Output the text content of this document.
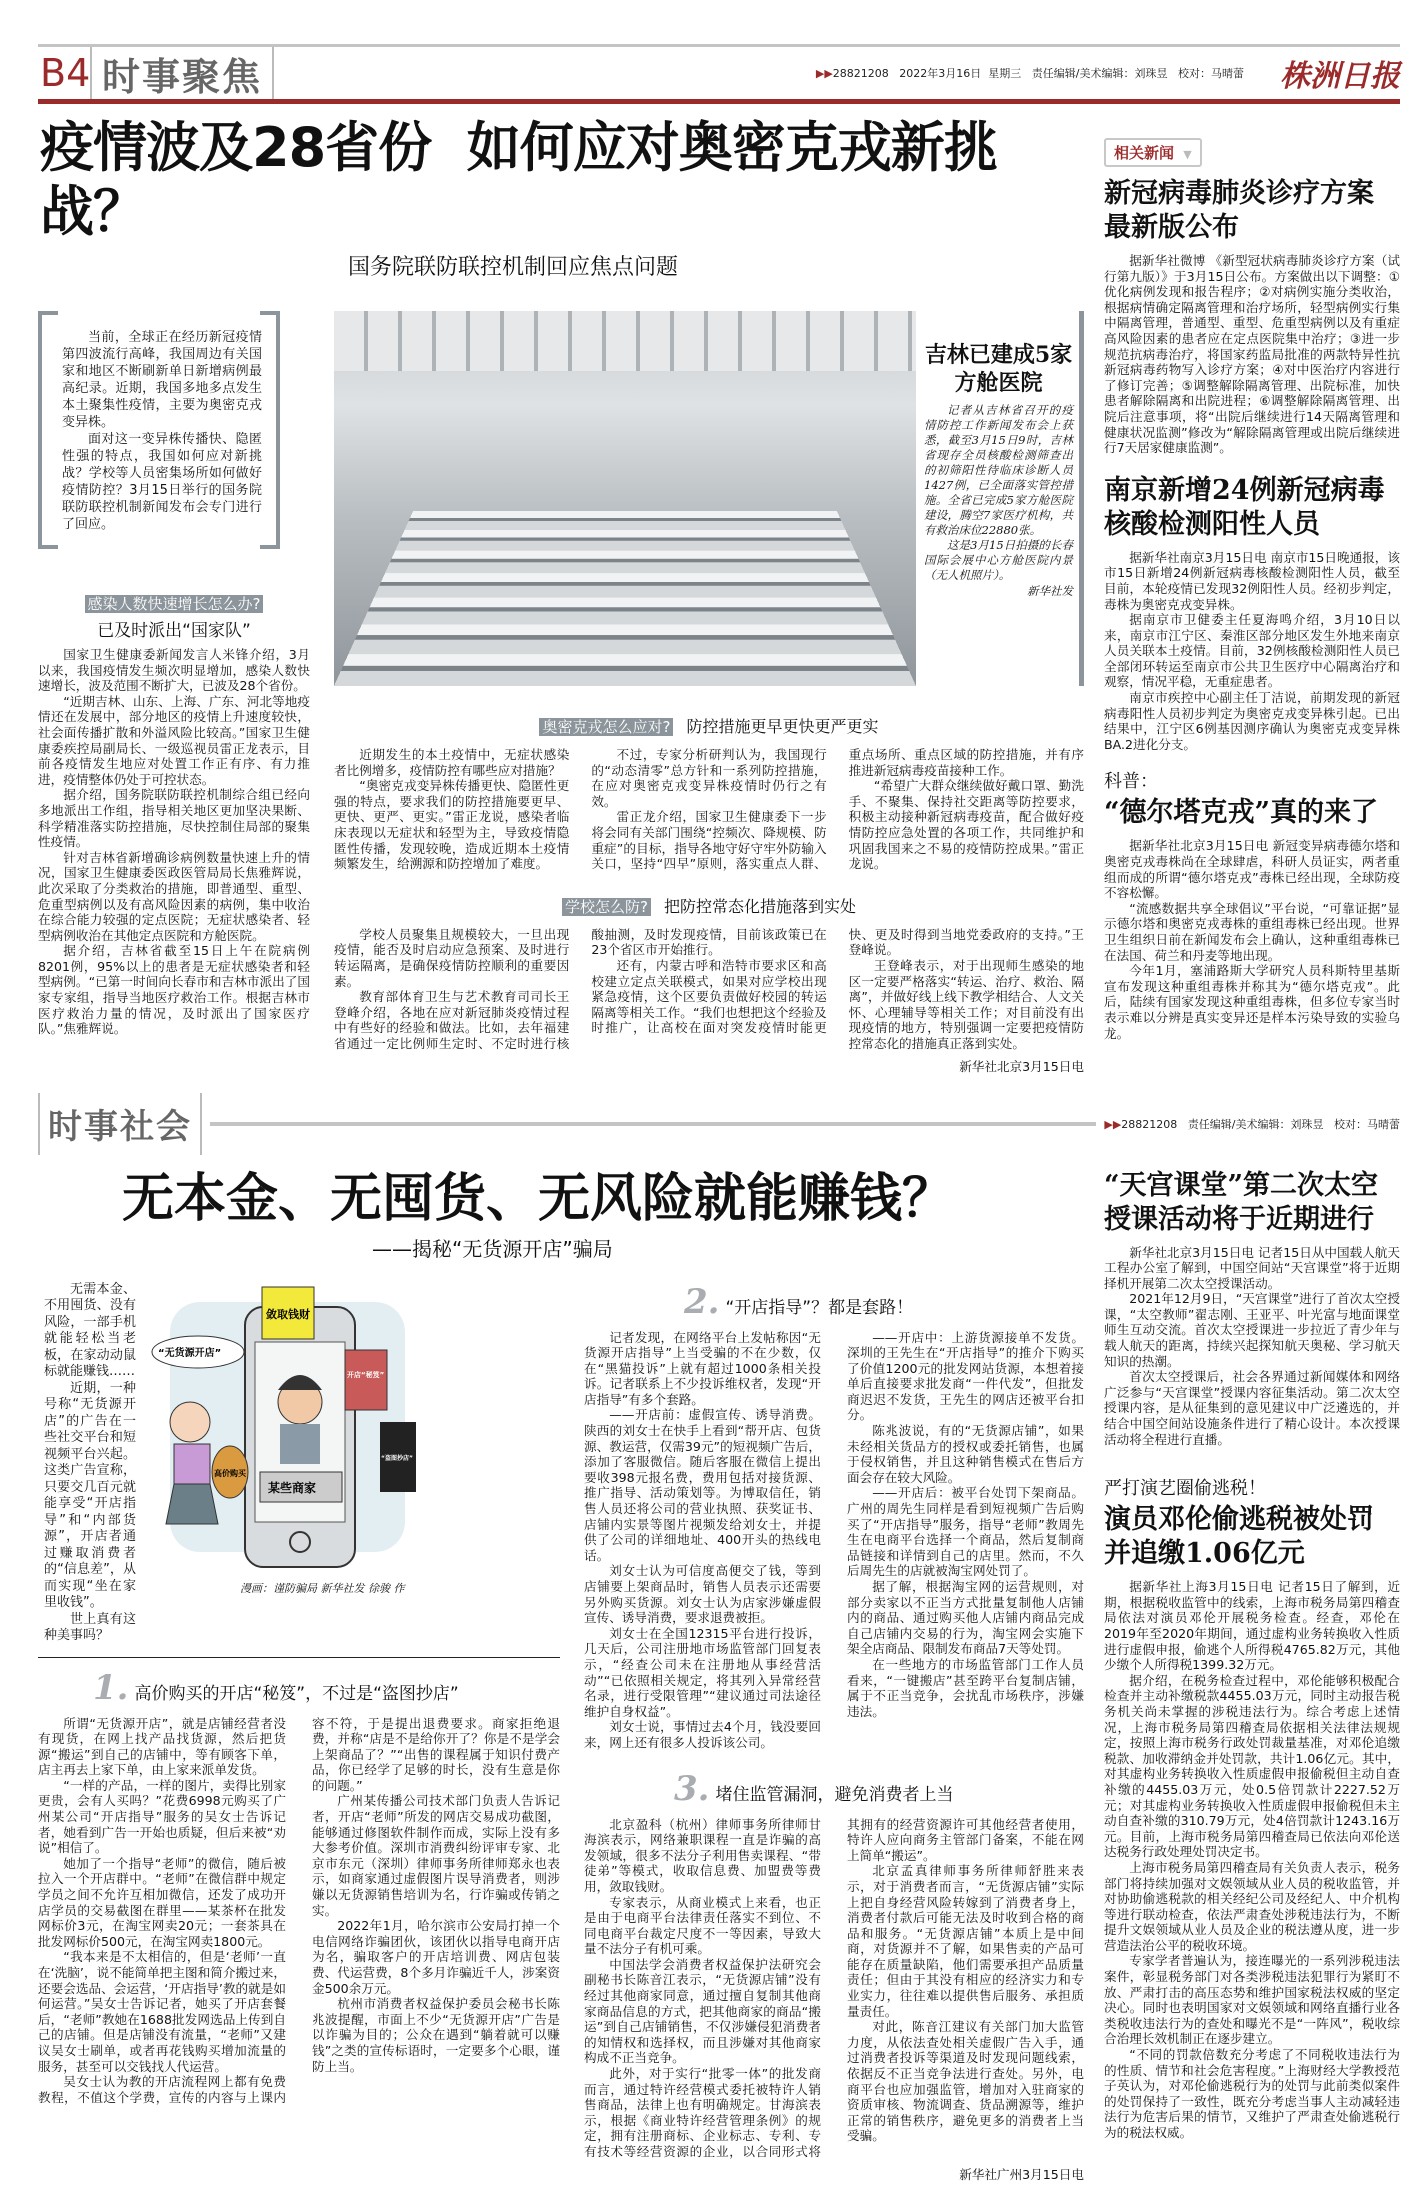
B4 时事聚焦	▶▶28821208 2022年3月16日 星期三 责任编辑/美术编辑：刘珠昱 校对：马晴蕾 株洲日报
疫情波及28省份  如何应对奥密克戎新挑战？
国务院联防联控机制回应焦点问题

当前，全球正在经历新冠疫情第四波流行高峰，我国周边有关国家和地区不断刷新单日新增病例最高纪录。近期，我国多地多点发生本土聚集性疫情，主要为奥密克戎变异株。

面对这一变异株传播快、隐匿性强的特点，我国如何应对新挑战？学校等人员密集场所如何做好疫情防控？3月15日举行的国务院联防联控机制新闻发布会专门进行了回应。

感染人数快速增长怎么办?
已及时派出“国家队”

国家卫生健康委新闻发言人米锋介绍，3月以来，我国疫情发生频次明显增加，感染人数快速增长，波及范围不断扩大，已波及28个省份。

“近期吉林、山东、上海、广东、河北等地疫情还在发展中，部分地区的疫情上升速度较快，社会面传播扩散和外溢风险比较高。”国家卫生健康委疾控局副局长、一级巡视员雷正龙表示，目前各疫情发生地应对处置工作正有序、有力推进，疫情整体仍处于可控状态。

据介绍，国务院联防联控机制综合组已经向多地派出工作组，指导相关地区更加坚决果断、科学精准落实防控措施，尽快控制住局部的聚集性疫情。

针对吉林省新增确诊病例数量快速上升的情况，国家卫生健康委医政医管局局长焦雅辉说，此次采取了分类救治的措施，即普通型、重型、危重型病例以及有高风险因素的病例，集中收治在综合能力较强的定点医院；无症状感染者、轻型病例收治在其他定点医院和方舱医院。

据介绍，吉林省截至15日上午在院病例8201例，95%以上的患者是无症状感染者和轻型病例。“已第一时间向长春市和吉林市派出了国家专家组，指导当地医疗救治工作。根据吉林市医疗救治力量的情况，及时派出了国家医疗队。”焦雅辉说。

吉林已建成5家方舱医院

记者从吉林省召开的疫情防控工作新闻发布会上获悉，截至3月15日9时，吉林省现存全员核酸检测筛查出的初筛阳性待临床诊断人员1427例，已全面落实管控措施。全省已完成5家方舱医院建设，腾空7家医疗机构，共有救治床位22880张。

这是3月15日拍摄的长春国际会展中心方舱医院内景（无人机照片）。

新华社发
奥密克戎怎么应对? 防控措施更早更快更严更实

近期发生的本土疫情中，无症状感染者比例增多，疫情防控有哪些应对措施？

“奥密克戎变异株传播更快、隐匿性更强的特点，要求我们的防控措施要更早、更快、更严、更实。”雷正龙说，感染者临床表现以无症状和轻型为主，导致疫情隐匿性传播，发现较晚，造成近期本土疫情频繁发生，给溯源和防控增加了难度。

不过，专家分析研判认为，我国现行的“动态清零”总方针和一系列防控措施，在应对奥密克戎变异株疫情时仍行之有效。

雷正龙介绍，国家卫生健康委下一步将会同有关部门围绕“控频次、降规模、防重症”的目标，指导各地守好守牢外防输入关口，坚持“四早”原则，落实重点人群、重点场所、重点区域的防控措施，并有序推进新冠病毒疫苗接种工作。

“希望广大群众继续做好戴口罩、勤洗手、不聚集、保持社交距离等防控要求，积极主动接种新冠病毒疫苗，配合做好疫情防控应急处置的各项工作，共同维护和巩固我国来之不易的疫情防控成果。”雷正龙说。

学校怎么防? 把防控常态化措施落到实处

学校人员聚集且规模较大，一旦出现疫情，能否及时启动应急预案、及时进行转运隔离，是确保疫情防控顺利的重要因素。

教育部体育卫生与艺术教育司司长王登峰介绍，各地在应对新冠肺炎疫情过程中有些好的经验和做法。比如，去年福建省通过一定比例师生定时、不定时进行核酸抽测，及时发现疫情，目前该政策已在23个省区市开始推行。

还有，内蒙古呼和浩特市要求区和高校建立定点关联模式，如果对应学校出现紧急疫情，这个区要负责做好校园的转运隔离等相关工作。“我们也想把这个经验及时推广，让高校在面对突发疫情时能更快、更及时得到当地党委政府的支持。”王登峰说。

王登峰表示，对于出现师生感染的地区一定要严格落实“转运、治疗、救治、隔离”，并做好线上线下教学相结合、人文关怀、心理辅导等相关工作；对目前没有出现疫情的地方，特别强调一定要把疫情防控常态化的措施真正落到实处。

新华社北京3月15日电
相关新闻 ▼
新冠病毒肺炎诊疗方案最新版公布

据新华社微博 《新型冠状病毒肺炎诊疗方案（试行第九版）》于3月15日公布。方案做出以下调整：①优化病例发现和报告程序；②对病例实施分类收治，根据病情确定隔离管理和治疗场所，轻型病例实行集中隔离管理，普通型、重型、危重型病例以及有重症高风险因素的患者应在定点医院集中治疗；③进一步规范抗病毒治疗，将国家药监局批准的两款特异性抗新冠病毒药物写入诊疗方案；④对中医治疗内容进行了修订完善；⑤调整解除隔离管理、出院标准，加快患者解除隔离和出院进程；⑥调整解除隔离管理、出院后注意事项，将“出院后继续进行14天隔离管理和健康状况监测”修改为“解除隔离管理或出院后继续进行7天居家健康监测”。

南京新增24例新冠病毒核酸检测阳性人员

据新华社南京3月15日电 南京市15日晚通报，该市15日新增24例新冠病毒核酸检测阳性人员，截至目前，本轮疫情已发现32例阳性人员。经初步判定，毒株为奥密克戎变异株。

据南京市卫健委主任夏海鸣介绍，3月10日以来，南京市江宁区、秦淮区部分地区发生外地来南京人员关联本土疫情。目前，32例核酸检测阳性人员已全部闭环转运至南京市公共卫生医疗中心隔离治疗和观察，情况平稳，无重症患者。

南京市疾控中心副主任丁洁说，前期发现的新冠病毒阳性人员初步判定为奥密克戎变异株引起。已出结果中，江宁区6例基因测序确认为奥密克戎变异株BA.2进化分支。

科普：
“德尔塔克戎”真的来了

据新华社北京3月15日电 新冠变异病毒德尔塔和奥密克戎毒株尚在全球肆虐，科研人员证实，两者重组而成的所谓“德尔塔克戎”毒株已经出现，全球防疫不容松懈。

“流感数据共享全球倡议”平台说，“可靠证据”显示德尔塔和奥密克戎毒株的重组毒株已经出现。世界卫生组织日前在新闻发布会上确认，这种重组毒株已在法国、荷兰和丹麦等地出现。

今年1月，塞浦路斯大学研究人员科斯特里基斯宣布发现这种重组毒株并称其为“德尔塔克戎”。此后，陆续有国家发现这种重组毒株，但多位专家当时表示难以分辨是真实变异还是样本污染导致的实验乌龙。

时事社会	▶▶28821208 责任编辑/美术编辑：刘珠昱 校对：马晴蕾
无本金、无囤货、无风险就能赚钱？
——揭秘“无货源开店”骗局

无需本金、不用囤货、没有风险，一部手机就能轻松当老板，在家动动鼠标就能赚钱……

近期，一种号称“无货源开店”的广告在一些社交平台和短视频平台兴起。这类广告宣称，只要交几百元就能享受“开店指导”和“内部货源”，开店者通过赚取消费者的“信息差”，从而实现“坐在家里收钱”。

世上真有这种美事吗？

敛取钱财
“无货源开店”
开店“秘笈”
“盗图抄店”
高价购买
某些商家
漫画：谨防骗局 新华社发 徐骏 作
1. 高价购买的开店“秘笈”，不过是“盗图抄店”

所谓“无货源开店”，就是店铺经营者没有现货，在网上找产品找货源，然后把货源“搬运”到自己的店铺中，等有顾客下单，店主再去上家下单，由上家来派单发货。

“一样的产品，一样的图片，卖得比别家更贵，会有人买吗？”花费6998元购买了广州某公司“开店指导”服务的吴女士告诉记者，她看到广告一开始也质疑，但后来被“劝说”相信了。

她加了一个指导“老师”的微信，随后被拉入一个开店群中。“老师”在微信群中规定学员之间不允许互相加微信，还发了成功开店学员的交易截图在群里——某茶杯在批发网标价3元，在淘宝网卖20元；一套茶具在批发网标价500元，在淘宝网卖1800元。

“我本来是不太相信的，但是‘老师’一直在‘洗脑’，说不能简单把主图和简介搬过来，还要会选品、会运营，‘开店指导’教的就是如何运营。”吴女士告诉记者，她买了开店套餐后，“老师”教她在1688批发网选品上传到自己的店铺。但是店铺没有流量，“老师”又建议吴女士刷单，或者再花钱购买增加流量的服务，甚至可以交钱找人代运营。

吴女士认为教的开店流程网上都有免费教程，不值这个学费，宣传的内容与上课内容不符，于是提出退费要求。商家拒绝退费，并称“店是不是给你开了？你是不是学会上架商品了？”“出售的课程属于知识付费产品，你已经学了足够的时长，没有生意是你的问题。”

广州某传播公司技术部门负责人告诉记者，开店“老师”所发的网店交易成功截图，能够通过修图软件制作而成，实际上没有多大参考价值。深圳市消费纠纷评审专家、北京市东元（深圳）律师事务所律师郑永也表示，如商家通过虚假图片误导消费者，则涉嫌以无货源销售培训为名，行诈骗或传销之实。

2022年1月，哈尔滨市公安局打掉一个电信网络诈骗团伙，该团伙以指导电商开店为名，骗取客户的开店培训费、网店包装费、代运营费，8个多月诈骗近千人，涉案资金500余万元。

杭州市消费者权益保护委员会秘书长陈兆波提醒，市面上不少“无货源开店”广告是以诈骗为目的；公众在遇到“躺着就可以赚钱”之类的宣传标语时，一定要多个心眼，谨防上当。

2. “开店指导”？都是套路！

记者发现，在网络平台上发帖称因“无货源开店指导”上当受骗的不在少数，仅在“黑猫投诉”上就有超过1000条相关投诉。记者联系上不少投诉维权者，发现“开店指导”有多个套路。

——开店前：虚假宣传、诱导消费。陕西的刘女士在快手上看到“帮开店、包货源、教运营，仅需39元”的短视频广告后，添加了客服微信。随后客服在微信上提出要收398元报名费，费用包括对接货源、推广指导、活动策划等。为博取信任，销售人员还将公司的营业执照、获奖证书、店铺内实景等图片视频发给刘女士，并提供了公司的详细地址、400开头的热线电话。

刘女士认为可信度高便交了钱，等到店铺要上架商品时，销售人员表示还需要另外购买货源。刘女士认为店家涉嫌虚假宣传、诱导消费，要求退费被拒。

刘女士在全国12315平台进行投诉，几天后，公司注册地市场监管部门回复表示，“经查公司未在注册地从事经营活动”“已依照相关规定，将其列入异常经营名录，进行受限管理”“建议通过司法途径维护自身权益”。

刘女士说，事情过去4个月，钱没要回来，网上还有很多人投诉该公司。

——开店中：上游货源接单不发货。深圳的王先生在“开店指导”的推介下购买了价值1200元的批发网站货源，本想着接单后直接要求批发商“一件代发”，但批发商迟迟不发货，王先生的网店还被平台扣分。

陈兆波说，有的“无货源店铺”，如果未经相关货品方的授权或委托销售，也属于侵权销售，并且这种销售模式在售后方面会存在较大风险。

——开店后：被平台处罚下架商品。广州的周先生同样是看到短视频广告后购买了“开店指导”服务，指导“老师”教周先生在电商平台选择一个商品，然后复制商品链接和详情到自己的店里。然而，不久后周先生的店就被淘宝网处罚了。

据了解，根据淘宝网的运营规则，对部分卖家以不正当方式批量复制他人店铺内的商品、通过购买他人店铺内商品完成自己店铺内交易的行为，淘宝网会实施下架全店商品、限制发布商品7天等处罚。

在一些地方的市场监管部门工作人员看来，“一键搬店”甚至跨平台复制店铺，属于不正当竞争，会扰乱市场秩序，涉嫌违法。

3. 堵住监管漏洞，避免消费者上当

北京盈科（杭州）律师事务所律师甘海滨表示，网络兼职课程一直是诈骗的高发领域，很多不法分子利用售卖课程、“带徒弟”等模式，收取信息费、加盟费等费用，敛取钱财。

专家表示，从商业模式上来看，也正是由于电商平台法律责任落实不到位、不同电商平台裁定尺度不一等因素，导致大量不法分子有机可乘。

中国法学会消费者权益保护法研究会副秘书长陈音江表示，“无货源店铺”没有经过其他商家同意，通过擅自复制其他商家商品信息的方式，把其他商家的商品“搬运”到自己店铺销售，不仅涉嫌侵犯消费者的知情权和选择权，而且涉嫌对其他商家构成不正当竞争。

此外，对于实行“批零一体”的批发商而言，通过特许经营模式委托被特许人销售商品，法律上也有明确规定。甘海滨表示，根据《商业特许经营管理条例》的规定，拥有注册商标、企业标志、专利、专有技术等经营资源的企业，以合同形式将其拥有的经营资源许可其他经营者使用，特许人应向商务主管部门备案，不能在网上简单“搬运”。

北京孟真律师事务所律师舒胜来表示，对于消费者而言，“无货源店铺”实际上把自身经营风险转嫁到了消费者身上，消费者付款后可能无法及时收到合格的商品和服务。“无货源店铺”本质上是中间商，对货源并不了解，如果售卖的产品可能存在质量缺陷，他们需要承担产品质量责任；但由于其没有相应的经济实力和专业实力，往往难以提供售后服务、承担质量责任。

对此，陈音江建议有关部门加大监管力度，从依法查处相关虚假广告入手，通过消费者投诉等渠道及时发现问题线索，依据反不正当竞争法进行查处。另外，电商平台也应加强监管，增加对入驻商家的资质审核、物流调查、货品溯源等，维护正常的销售秩序，避免更多的消费者上当受骗。

新华社广州3月15日电
“天宫课堂”第二次太空授课活动将于近期进行

新华社北京3月15日电 记者15日从中国载人航天工程办公室了解到，中国空间站“天宫课堂”将于近期择机开展第二次太空授课活动。

2021年12月9日，“天宫课堂”进行了首次太空授课，“太空教师”翟志刚、王亚平、叶光富与地面课堂师生互动交流。首次太空授课进一步拉近了青少年与载人航天的距离，持续兴起探知航天奥秘、学习航天知识的热潮。

首次太空授课后，社会各界通过新闻媒体和网络广泛参与“天宫课堂”授课内容征集活动。第二次太空授课内容，是从征集到的意见建议中广泛遴选的，并结合中国空间站设施条件进行了精心设计。本次授课活动将全程进行直播。

严打演艺圈偷逃税！
演员邓伦偷逃税被处罚并追缴1.06亿元

据新华社上海3月15日电 记者15日了解到，近期，根据税收监管中的线索，上海市税务局第四稽查局依法对演员邓伦开展税务检查。经查，邓伦在2019年至2020年期间，通过虚构业务转换收入性质进行虚假申报，偷逃个人所得税4765.82万元，其他少缴个人所得税1399.32万元。

据介绍，在税务检查过程中，邓伦能够积极配合检查并主动补缴税款4455.03万元，同时主动报告税务机关尚未掌握的涉税违法行为。综合考虑上述情况，上海市税务局第四稽查局依据相关法律法规规定，按照上海市税务行政处罚裁量基准，对邓伦追缴税款、加收滞纳金并处罚款，共计1.06亿元。其中，对其虚构业务转换收入性质虚假申报偷税但主动自查补缴的4455.03万元，处0.5倍罚款计2227.52万元；对其虚构业务转换收入性质虚假申报偷税但未主动自查补缴的310.79万元，处4倍罚款计1243.16万元。目前，上海市税务局第四稽查局已依法向邓伦送达税务行政处理处罚决定书。

上海市税务局第四稽查局有关负责人表示，税务部门将持续加强对文娱领域从业人员的税收监管，并对协助偷逃税款的相关经纪公司及经纪人、中介机构等进行联动检查，依法严肃查处涉税违法行为，不断提升文娱领域从业人员及企业的税法遵从度，进一步营造法治公平的税收环境。

专家学者普遍认为，接连曝光的一系列涉税违法案件，彰显税务部门对各类涉税违法犯罪行为紧盯不放、严肃打击的高压态势和维护国家税法权威的坚定决心。同时也表明国家对文娱领域和网络直播行业各类税收违法行为的查处和曝光不是“一阵风”，税收综合治理长效机制正在逐步建立。

“不同的罚款倍数充分考虑了不同税收违法行为的性质、情节和社会危害程度。”上海财经大学教授范子英认为，对邓伦偷逃税行为的处罚与此前类似案件的处罚保持了一致性，既充分考虑当事人主动减轻违法行为危害后果的情节，又维护了严肃查处偷逃税行为的税法权威。
